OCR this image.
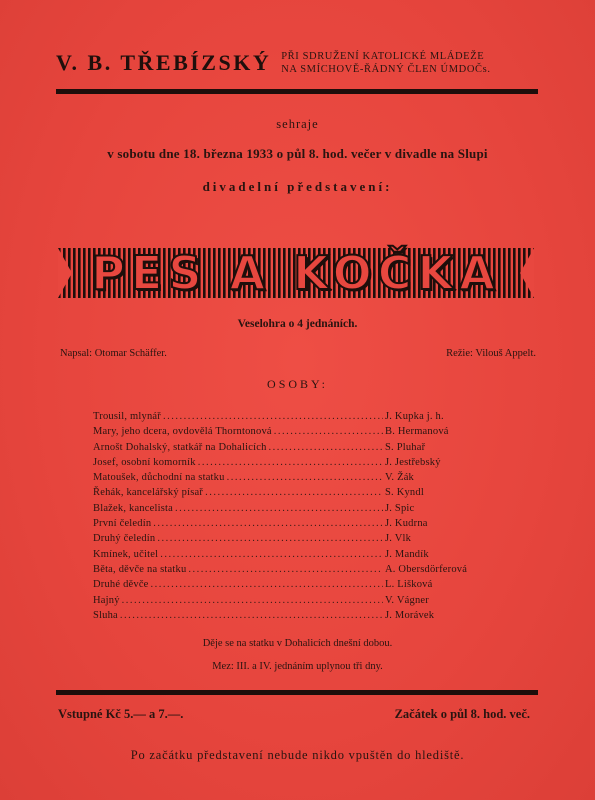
V. B. TŘEBÍZSKÝ PŘI SDRUŽENÍ KATOLICKÉ MLÁDEŽE
NA SMÍCHOVĚ-ŘÁDNÝ ČLEN ÚMDOČs.
sehraje
v sobotu dne 18. března 1933 o půl 8. hod. večer v divadle na Slupi
divadelní představení:
PES A KOČKA
Veselohra o 4 jednáních.
Napsal: Otomar Schäffer.	Režie: Vilouš Appelt.
OSOBY:
Trousil, mlynář .....	J. Kupka j. h.
Mary, jeho dcera, ovdovělá Thorntonová .....	B. Hermanová
Arnošt Dohalský, statkář na Dohalicích .....	S. Pluhař
Josef, osobní komorník .....	J. Jestřebský
Matoušek, důchodní na statku .....	V. Žák
Řehák, kancelářský písař .....	S. Kyndl
Blažek, kancelista .....	J. Spic
První čeledín .....	J. Kudrna
Druhý čeledín .....	J. Vlk
Kmínek, učitel .....	J. Mandík
Běta, děvče na statku .....	A. Obersdörferová
Druhé děvče .....	L. Lišková
Hajný .....	V. Vágner
Sluha .....	J. Morávek
Děje se na statku v Dohalicích dnešní dobou.
Mez: III. a IV. jednáním uplynou tři dny.
Vstupné Kč 5.— a 7.—.	Začátek o půl 8. hod. več.
Po začátku představení nebude nikdo vpuštěn do hlediště.
